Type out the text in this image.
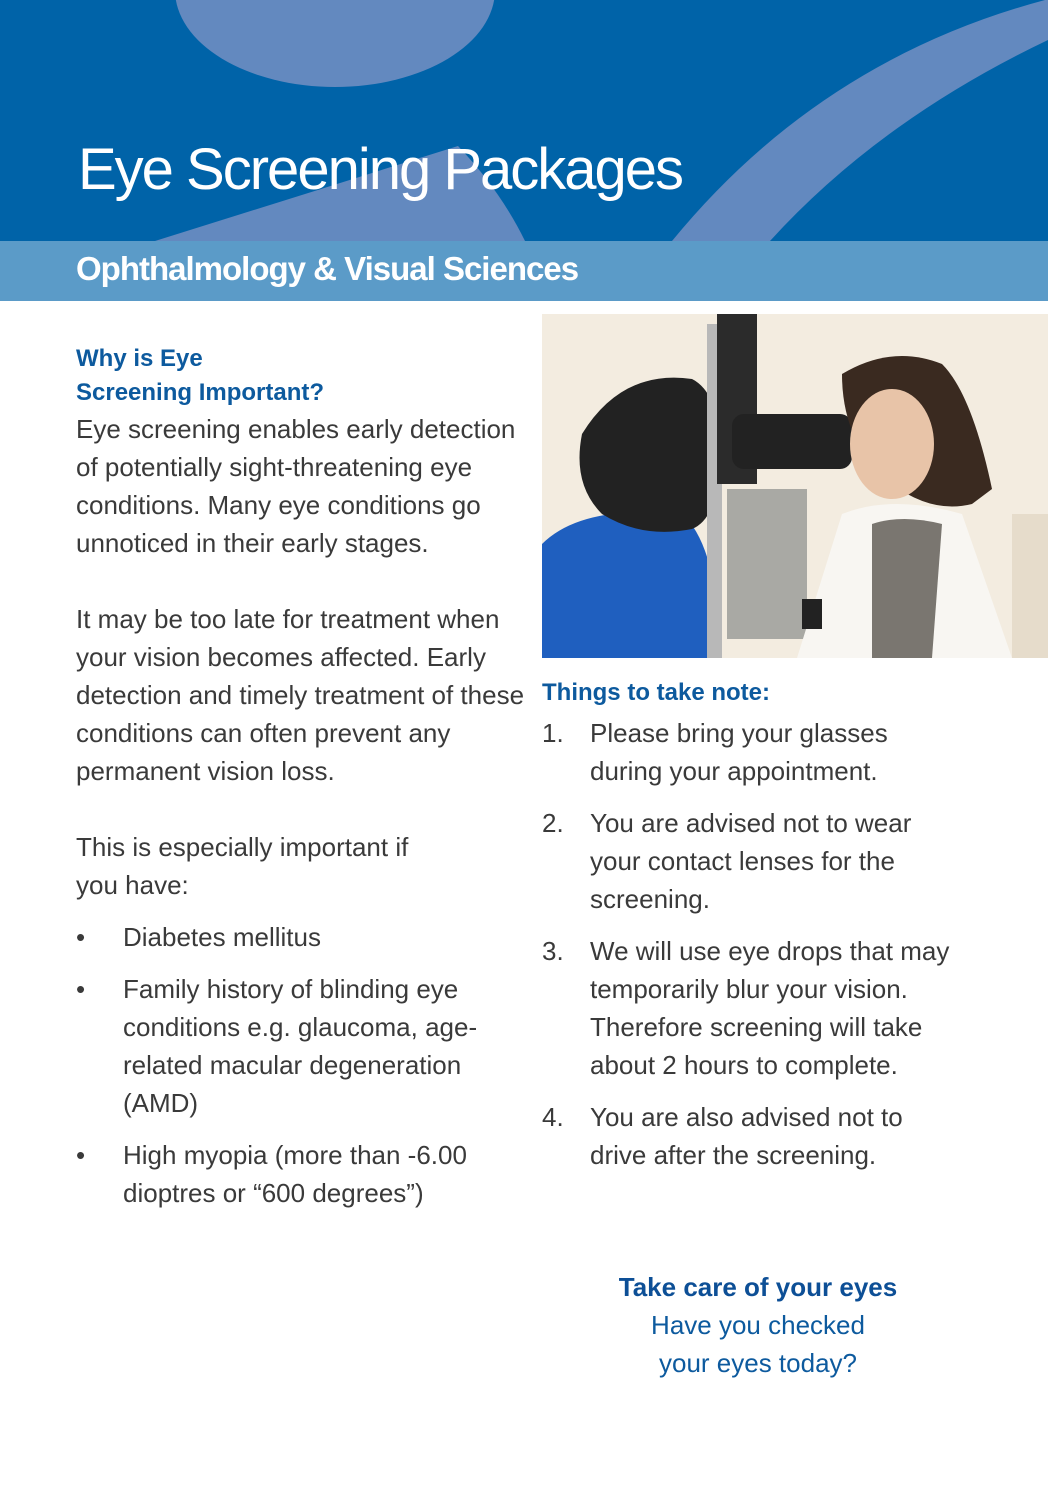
Eye Screening Packages
Ophthalmology & Visual Sciences
Why is Eye
Screening Important?

Eye screening enables early detection of potentially sight-threatening eye conditions. Many eye conditions go unnoticed in their early stages.

It may be too late for treatment when your vision becomes affected. Early detection and timely treatment of these conditions can often prevent any permanent vision loss.

This is especially important if you have:

• Diabetes mellitus
• Family history of blinding eye conditions e.g. glaucoma, age-related macular degeneration (AMD)
• High myopia (more than -6.00 dioptres or “600 degrees”)
Things to take note:
1. Please bring your glasses during your appointment.
2. You are advised not to wear your contact lenses for the screening.
3. We will use eye drops that may temporarily blur your vision. Therefore screening will take about 2 hours to complete.
4. You are also advised not to drive after the screening.
Take care of your eyes
Have you checked
your eyes today?
